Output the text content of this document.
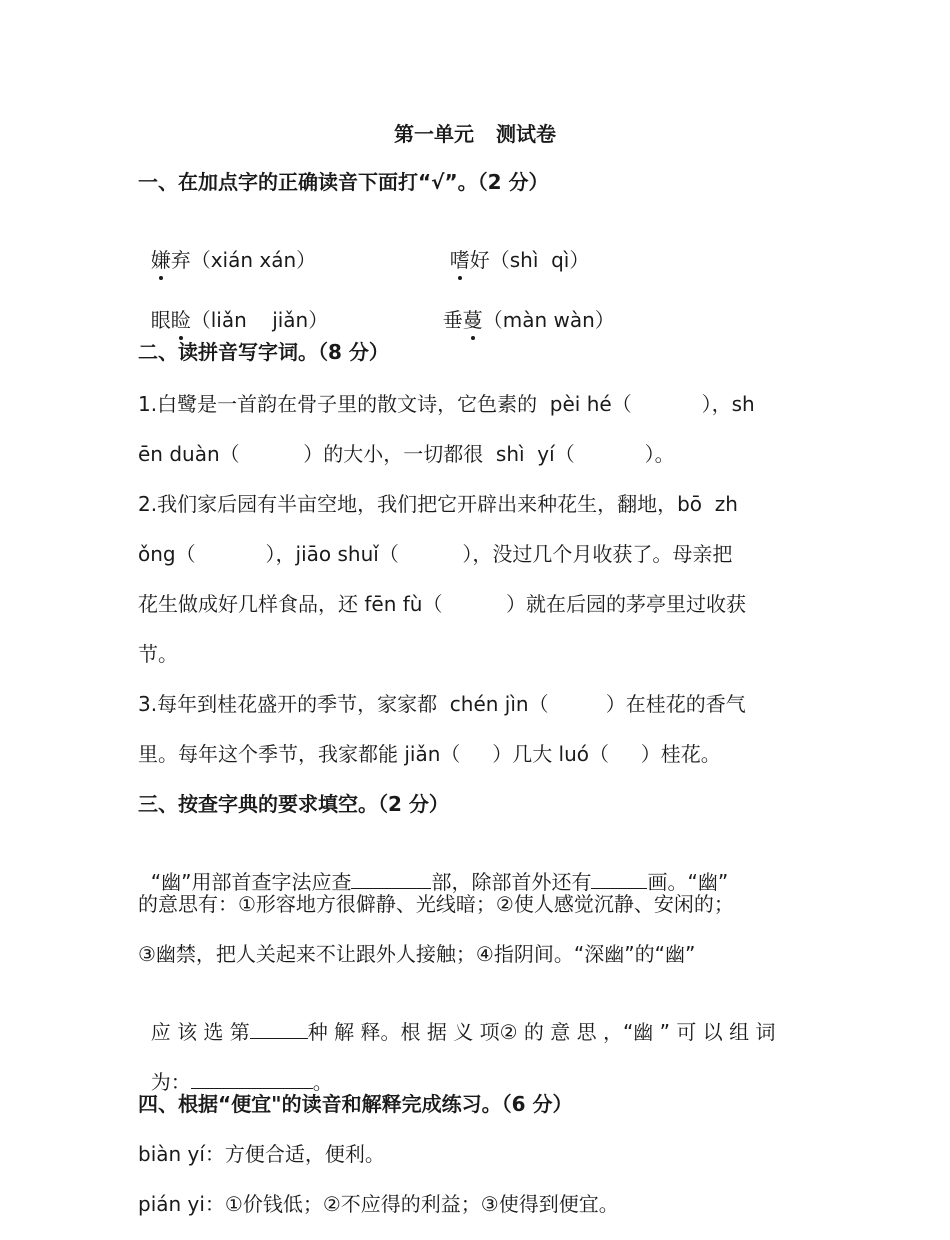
第一单元 测试卷
一、在加点字的正确读音下面打“√”。（2 分）

嫌弃（xián xán）	嗜好（shì  qì）

眼睑（liǎn    jiǎn）	垂蔓（màn wàn）

二、读拼音写字词。（8 分）
1.白鹭是一首韵在骨子里的散文诗，它色素的  pèi hé（           ），sh
ēn duàn（          ）的大小，一切都很  shì  yí（           ）。
2.我们家后园有半亩空地，我们把它开辟出来种花生，翻地，bō  zh
ǒng（           ），jiāo shuǐ（          ），没过几个月收获了。母亲把
花生做成好几样食品，还 fēn fù（          ）就在后园的茅亭里过收获
节。
3.每年到桂花盛开的季节，家家都  chén jìn（         ）在桂花的香气
里。每年这个季节，我家都能 jiǎn（     ）几大 luó（     ）桂花。
三、按查字典的要求填空。（2 分）

“幽”用部首查字法应查	部，除部首外还有	画。“幽”

的意思有：①形容地方很僻静、光线暗；②使人感觉沉静、安闲的；
③幽禁，把人关起来不让跟外人接触；④指阴间。“深幽”的“幽”

应 该 选 第	种 解 释。根 据 义 项② 的 意 思 ，“幽 ” 可 以 组 词

为：	。

四、根据“便宜"的读音和解释完成练习。（6 分）
biàn yí：方便合适，便利。
pián yi：①价钱低；②不应得的利益；③使得到便宜。
